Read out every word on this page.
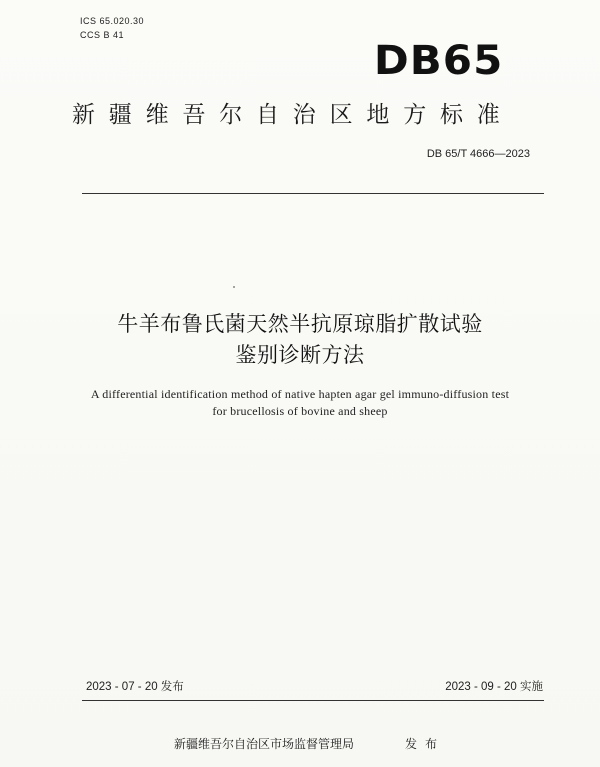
ICS 65.020.30
CCS B 41
DB65
新疆维吾尔自治区地方标准
DB 65/T 4666—2023
牛羊布鲁氏菌天然半抗原琼脂扩散试验
鉴别诊断方法
A differential identification method of native hapten agar gel immuno-diffusion test
for brucellosis of bovine and sheep
2023 - 07 - 20 发布	2023 - 09 - 20 实施
新疆维吾尔自治区市场监督管理局	发布
